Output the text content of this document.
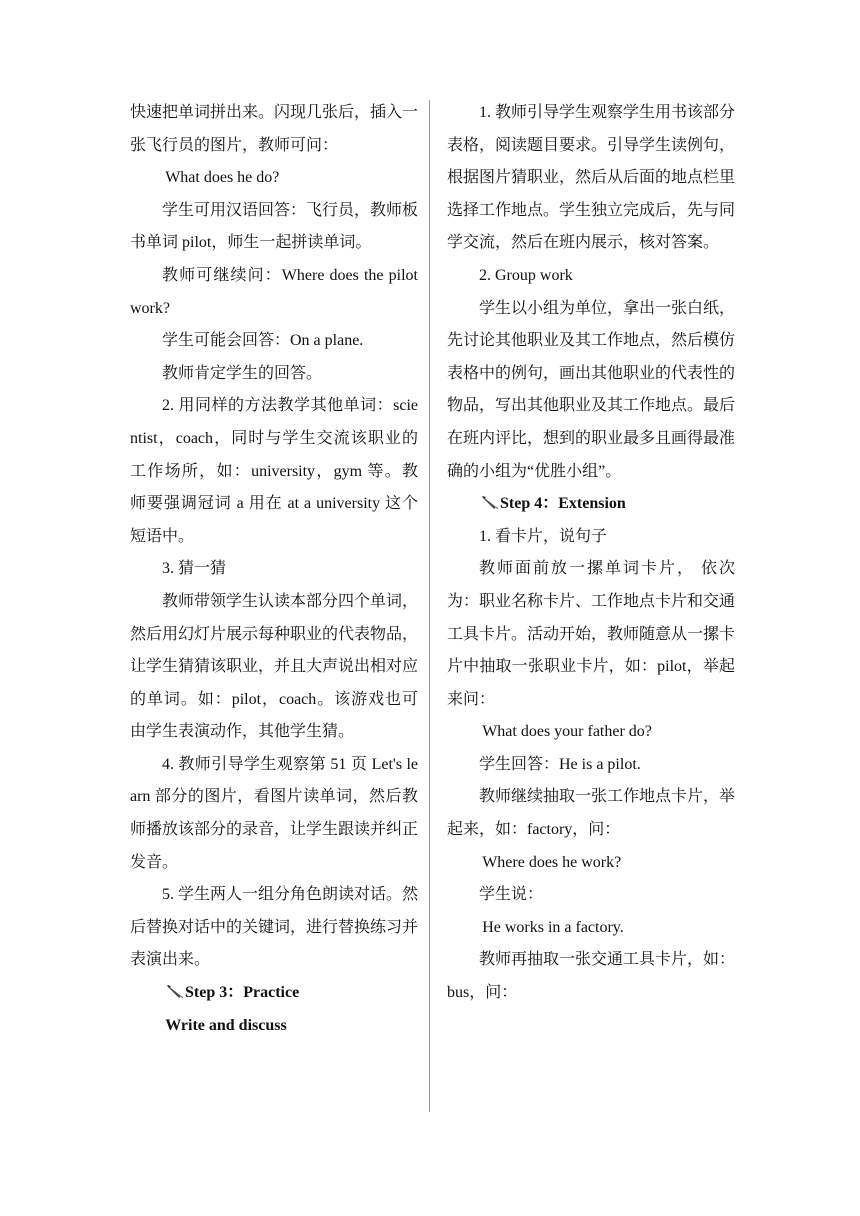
快速把单词拼出来。闪现几张后，插入一张飞行员的图片，教师可问：

What does he do?

学生可用汉语回答：飞行员，教师板书单词 pilot，师生一起拼读单词。

教师可继续问：Where does the pilot work?

学生可能会回答：On a plane.

教师肯定学生的回答。

2. 用同样的方法教学其他单词：scientist，coach，同时与学生交流该职业的工作场所，如：university，gym 等。教师要强调冠词 a 用在 at a university 这个短语中。

3. 猜一猜

教师带领学生认读本部分四个单词，然后用幻灯片展示每种职业的代表物品，让学生猜猜该职业，并且大声说出相对应的单词。如：pilot，coach。该游戏也可由学生表演动作，其他学生猜。

4. 教师引导学生观察第 51 页 Let's learn 部分的图片，看图片读单词，然后教师播放该部分的录音，让学生跟读并纠正发音。

5. 学生两人一组分角色朗读对话。然后替换对话中的关键词，进行替换练习并表演出来。

Step 3：Practice

Write and discuss

1. 教师引导学生观察学生用书该部分表格，阅读题目要求。引导学生读例句，根据图片猜职业，然后从后面的地点栏里选择工作地点。学生独立完成后，先与同学交流，然后在班内展示，核对答案。

2. Group work

学生以小组为单位，拿出一张白纸，先讨论其他职业及其工作地点，然后模仿表格中的例句，画出其他职业的代表性的物品，写出其他职业及其工作地点。最后在班内评比，想到的职业最多且画得最准确的小组为“优胜小组”。

Step 4：Extension

1. 看卡片，说句子

教师面前放一摞单词卡片， 依次为：职业名称卡片、工作地点卡片和交通工具卡片。活动开始，教师随意从一摞卡片中抽取一张职业卡片，如：pilot，举起来问：

What does your father do?

学生回答：He is a pilot.

教师继续抽取一张工作地点卡片，举起来，如：factory，问：

Where does he work?

学生说：

He works in a factory.

教师再抽取一张交通工具卡片，如：bus，问：
